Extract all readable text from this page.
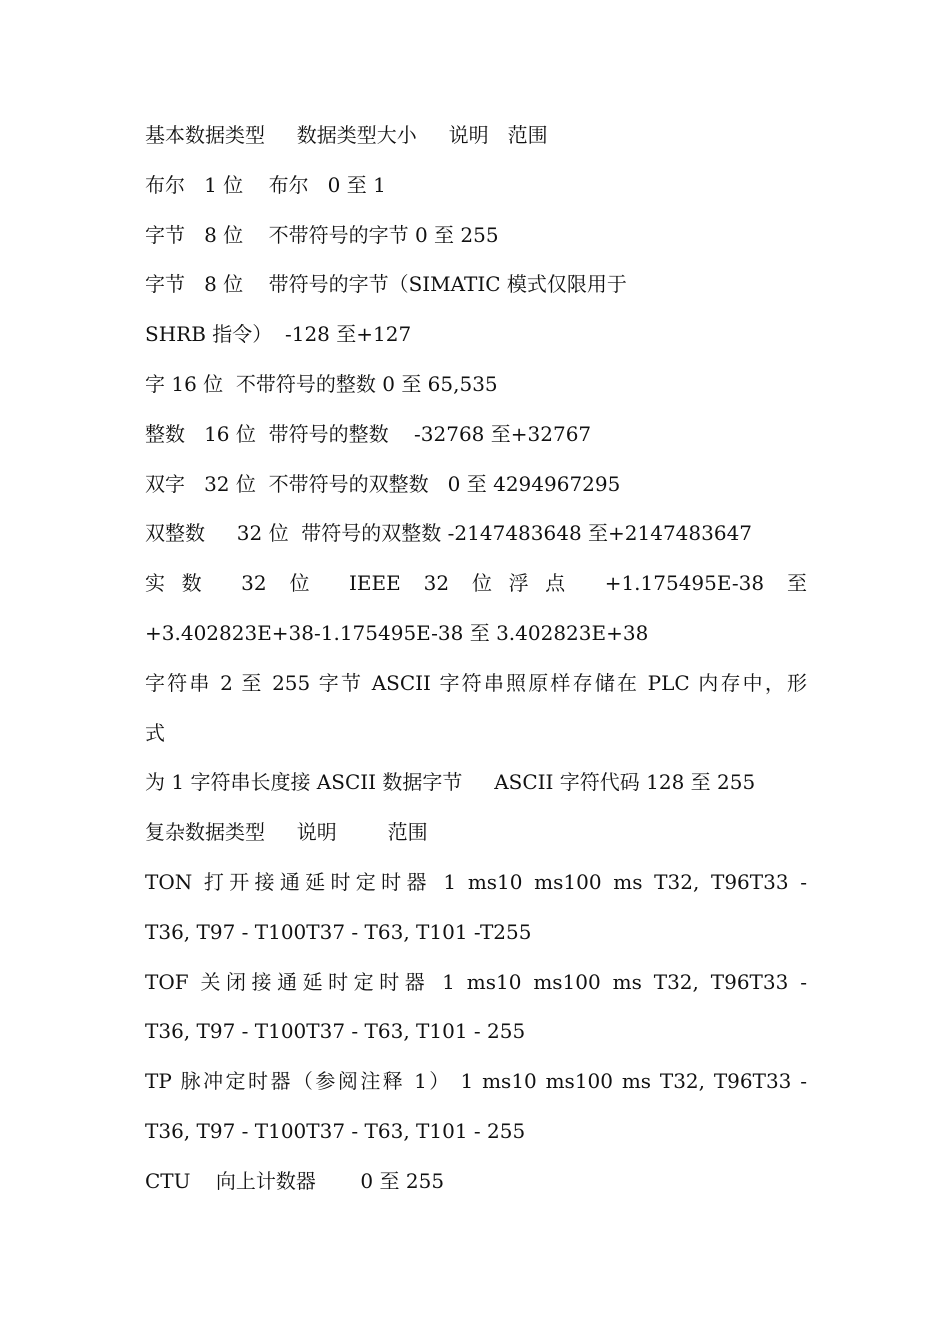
基本数据类型     数据类型大小     说明   范围
布尔   1 位    布尔   0 至 1
字节   8 位    不带符号的字节 0 至 255
字节   8 位    带符号的字节（SIMATIC 模式仅限用于
SHRB 指令）  -128 至+127
字 16 位  不带符号的整数 0 至 65,535
整数   16 位  带符号的整数    -32768 至+32767
双字   32 位  不带符号的双整数   0 至 4294967295
双整数     32 位  带符号的双整数 -2147483648 至+2147483647
实数 32 位 IEEE 32 位浮点 +1.175495E-38 至
+3.402823E+38-1.175495E-38 至 3.402823E+38
字符串 2 至 255 字节 ASCII 字符串照原样存储在 PLC 内存中，形
式
为 1 字符串长度接 ASCII 数据字节     ASCII 字符代码 128 至 255
复杂数据类型     说明        范围
TON 打开接通延时定时器 1 ms10 ms100 ms T32, T96T33 -
T36, T97 - T100T37 - T63, T101 -T255
TOF 关闭接通延时定时器 1 ms10 ms100 ms T32, T96T33 -
T36, T97 - T100T37 - T63, T101 - 255
TP 脉冲定时器（参阅注释 1） 1 ms10 ms100 ms T32, T96T33 -
T36, T97 - T100T37 - T63, T101 - 255
CTU    向上计数器       0 至 255
